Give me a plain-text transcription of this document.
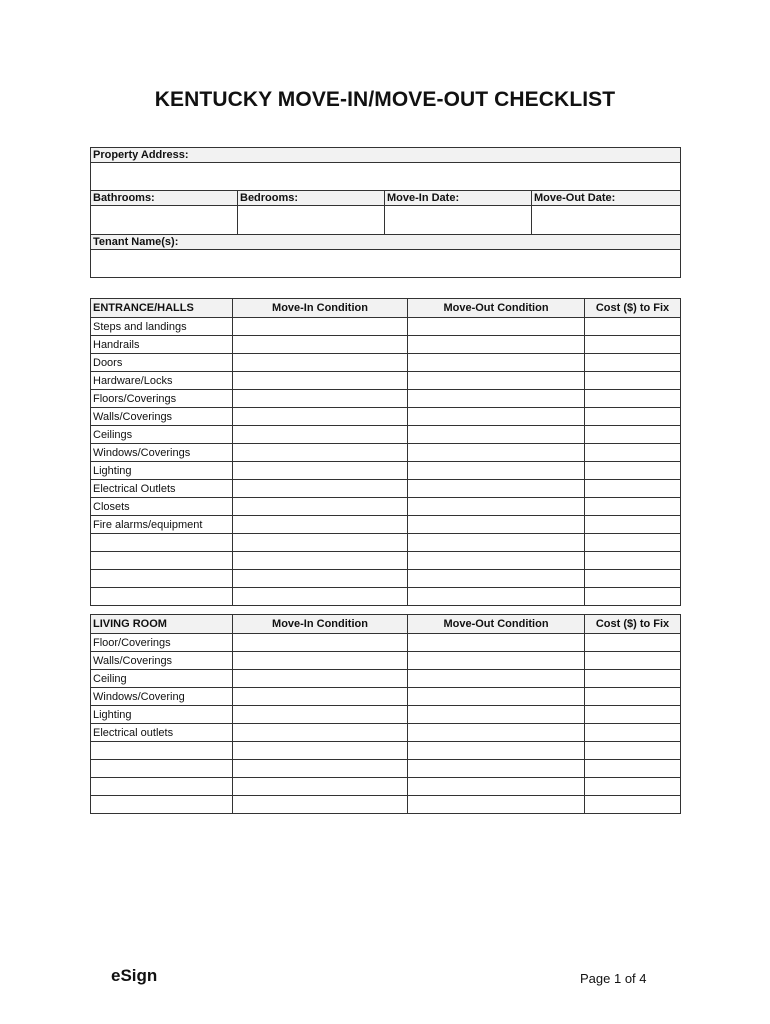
KENTUCKY MOVE-IN/MOVE-OUT CHECKLIST
Property Address:			

Bathrooms:	Bedrooms:	Move-In Date:	Move-Out Date:

Tenant Name(s):			

ENTRANCE/HALLS	Move-In Condition	Move-Out Condition	Cost ($) to Fix
Steps and landings			
Handrails			
Doors			
Hardware/Locks			
Floors/Coverings			
Walls/Coverings			
Ceilings			
Windows/Coverings			
Lighting			
Electrical Outlets			
Closets			
Fire alarms/equipment			

LIVING ROOM	Move-In Condition	Move-Out Condition	Cost ($) to Fix
Floor/Coverings			
Walls/Coverings			
Ceiling			
Windows/Covering			
Lighting			
Electrical outlets			

eSign	Page 1 of 4
